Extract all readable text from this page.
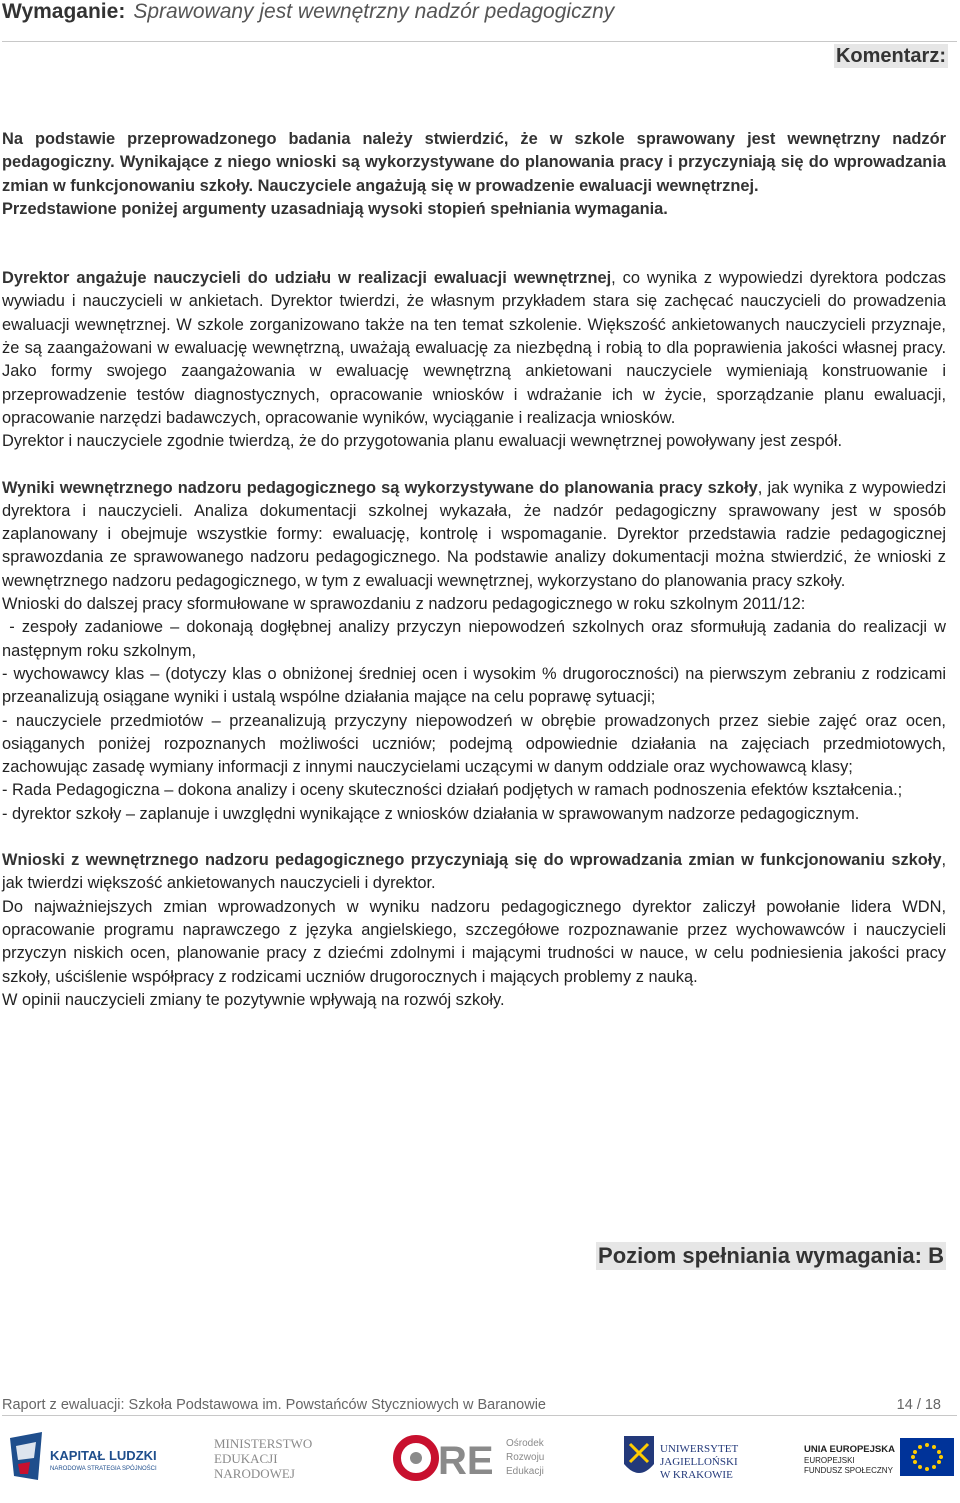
Wymaganie: Sprawowany jest wewnętrzny nadzór pedagogiczny
Komentarz:

Na podstawie przeprowadzonego badania należy stwierdzić, że w szkole sprawowany jest wewnętrzny nadzór pedagogiczny. Wynikające z niego wnioski są wykorzystywane do planowania pracy i przyczyniają się do wprowadzania zmian w funkcjonowaniu szkoły. Nauczyciele angażują się w prowadzenie ewaluacji wewnętrznej.

Przedstawione poniżej argumenty uzasadniają wysoki stopień spełniania wymagania.

Dyrektor angażuje nauczycieli do udziału w realizacji ewaluacji wewnętrznej, co wynika z wypowiedzi dyrektora podczas wywiadu i nauczycieli w ankietach. Dyrektor twierdzi, że własnym przykładem stara się zachęcać nauczycieli do prowadzenia ewaluacji wewnętrznej. W szkole zorganizowano także na ten temat szkolenie. Większość ankietowanych nauczycieli przyznaje, że są zaangażowani w ewaluację wewnętrzną, uważają ewaluację za niezbędną i robią to dla poprawienia jakości własnej pracy. Jako formy swojego zaangażowania w ewaluację wewnętrzną ankietowani nauczyciele wymieniają konstruowanie i przeprowadzenie testów diagnostycznych, opracowanie wniosków i wdrażanie ich w życie, sporządzanie planu ewaluacji, opracowanie narzędzi badawczych, opracowanie wyników, wyciąganie i realizacja wniosków.

Dyrektor i nauczyciele zgodnie twierdzą, że do przygotowania planu ewaluacji wewnętrznej powoływany jest zespół.

Wyniki wewnętrznego nadzoru pedagogicznego są wykorzystywane do planowania pracy szkoły, jak wynika z wypowiedzi dyrektora i nauczycieli. Analiza dokumentacji szkolnej wykazała, że nadzór pedagogiczny sprawowany jest w sposób zaplanowany i obejmuje wszystkie formy: ewaluację, kontrolę i wspomaganie. Dyrektor przedstawia radzie pedagogicznej sprawozdania ze sprawowanego nadzoru pedagogicznego. Na podstawie analizy dokumentacji można stwierdzić, że wnioski z wewnętrznego nadzoru pedagogicznego, w tym z ewaluacji wewnętrznej, wykorzystano do planowania pracy szkoły.

Wnioski do dalszej pracy sformułowane w sprawozdaniu z nadzoru pedagogicznego w roku szkolnym 2011/12:

- zespoły zadaniowe – dokonają dogłębnej analizy przyczyn niepowodzeń szkolnych oraz sformułują zadania do realizacji w następnym roku szkolnym,

- wychowawcy klas – (dotyczy klas o obniżonej średniej ocen i wysokim % drugoroczności) na pierwszym zebraniu z rodzicami przeanalizują osiągane wyniki i ustalą wspólne działania mające na celu poprawę sytuacji;

- nauczyciele przedmiotów – przeanalizują przyczyny niepowodzeń w obrębie prowadzonych przez siebie zajęć oraz ocen, osiąganych poniżej rozpoznanych możliwości uczniów; podejmą odpowiednie działania na zajęciach przedmiotowych, zachowując zasadę wymiany informacji z innymi nauczycielami uczącymi w danym oddziale oraz wychowawcą klasy;

- Rada Pedagogiczna – dokona analizy i oceny skuteczności działań podjętych w ramach podnoszenia efektów kształcenia.;

- dyrektor szkoły – zaplanuje i uwzględni wynikające z wniosków działania w sprawowanym nadzorze pedagogicznym.

Wnioski z wewnętrznego nadzoru pedagogicznego przyczyniają się do wprowadzania zmian w funkcjonowaniu szkoły, jak twierdzi większość ankietowanych nauczycieli i dyrektor.

Do najważniejszych zmian wprowadzonych w wyniku nadzoru pedagogicznego dyrektor zaliczył powołanie lidera WDN, opracowanie programu naprawczego z języka angielskiego, szczegółowe rozpoznawanie przez wychowawców i nauczycieli przyczyn niskich ocen, planowanie pracy z dziećmi zdolnymi i mającymi trudności w nauce, w celu podniesienia jakości pracy szkoły, uściślenie współpracy z rodzicami uczniów drugorocznych i mających problemy z nauką.

W opinii nauczycieli zmiany te pozytywnie wpływają na rozwój szkoły.

Poziom spełniania wymagania: B
Raport z ewaluacji: Szkoła Podstawowa im. Powstańców Styczniowych w Baranowie	14 / 18
KAPITAŁ LUDZKI
NARODOWA STRATEGIA SPÓJNOŚCI
MINISTERSTWO
EDUKACJI
NARODOWEJ	RE Ośrodek
Rozwoju
Edukacji
UNIWERSYTET
JAGIELLOŃSKI
W KRAKOWIE
UNIA EUROPEJSKA
EUROPEJSKI
FUNDUSZ SPOŁECZNY
